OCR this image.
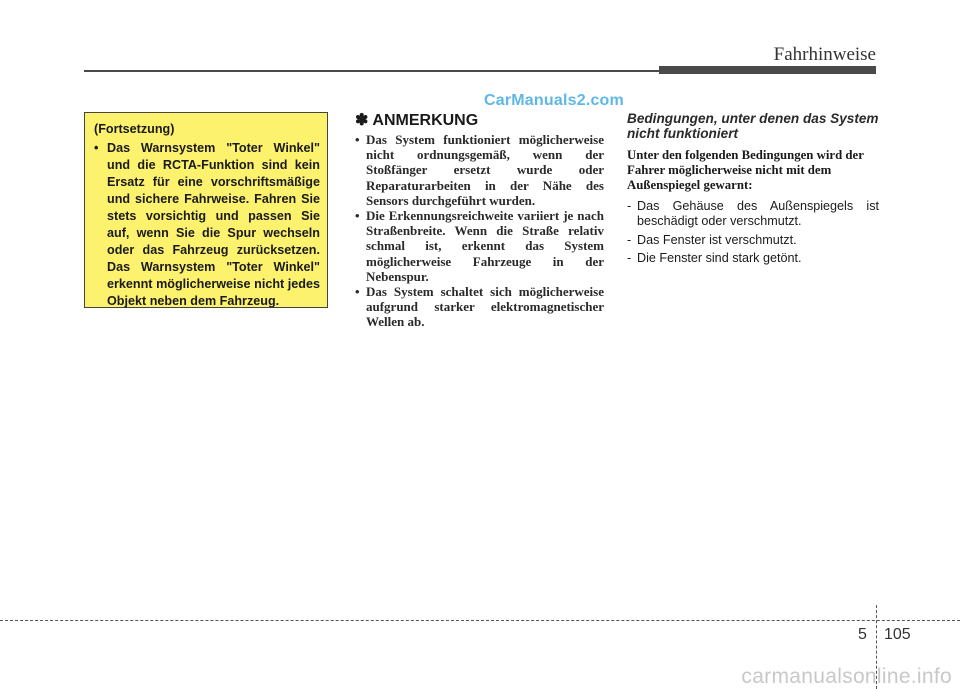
Fahrhinweise
CarManuals2.com
(Fortsetzung)
• Das Warnsystem "Toter Winkel" und die RCTA-Funktion sind kein Ersatz für eine vorschriftsmäßige und sichere Fahrweise. Fahren Sie stets vorsichtig und passen Sie auf, wenn Sie die Spur wechseln oder das Fahrzeug zurücksetzen. Das Warnsystem "Toter Winkel" erkennt möglicherweise nicht jedes Objekt neben dem Fahrzeug.
✽ ANMERKUNG
• Das System funktioniert möglicherweise nicht ordnungsgemäß, wenn der Stoßfänger ersetzt wurde oder Reparaturarbeiten in der Nähe des Sensors durchgeführt wurden.
• Die Erkennungsreichweite variiert je nach Straßenbreite. Wenn die Straße relativ schmal ist, erkennt das System möglicherweise Fahrzeuge in der Nebenspur.
• Das System schaltet sich möglicherweise aufgrund starker elektromagnetischer Wellen ab.
Bedingungen, unter denen das System nicht funktioniert
Unter den folgenden Bedingungen wird der Fahrer möglicherweise nicht mit dem Außenspiegel gewarnt:
- Das Gehäuse des Außenspiegels ist beschädigt oder verschmutzt.
- Das Fenster ist verschmutzt.
- Die Fenster sind stark getönt.
5 105
carmanualsonline.info
